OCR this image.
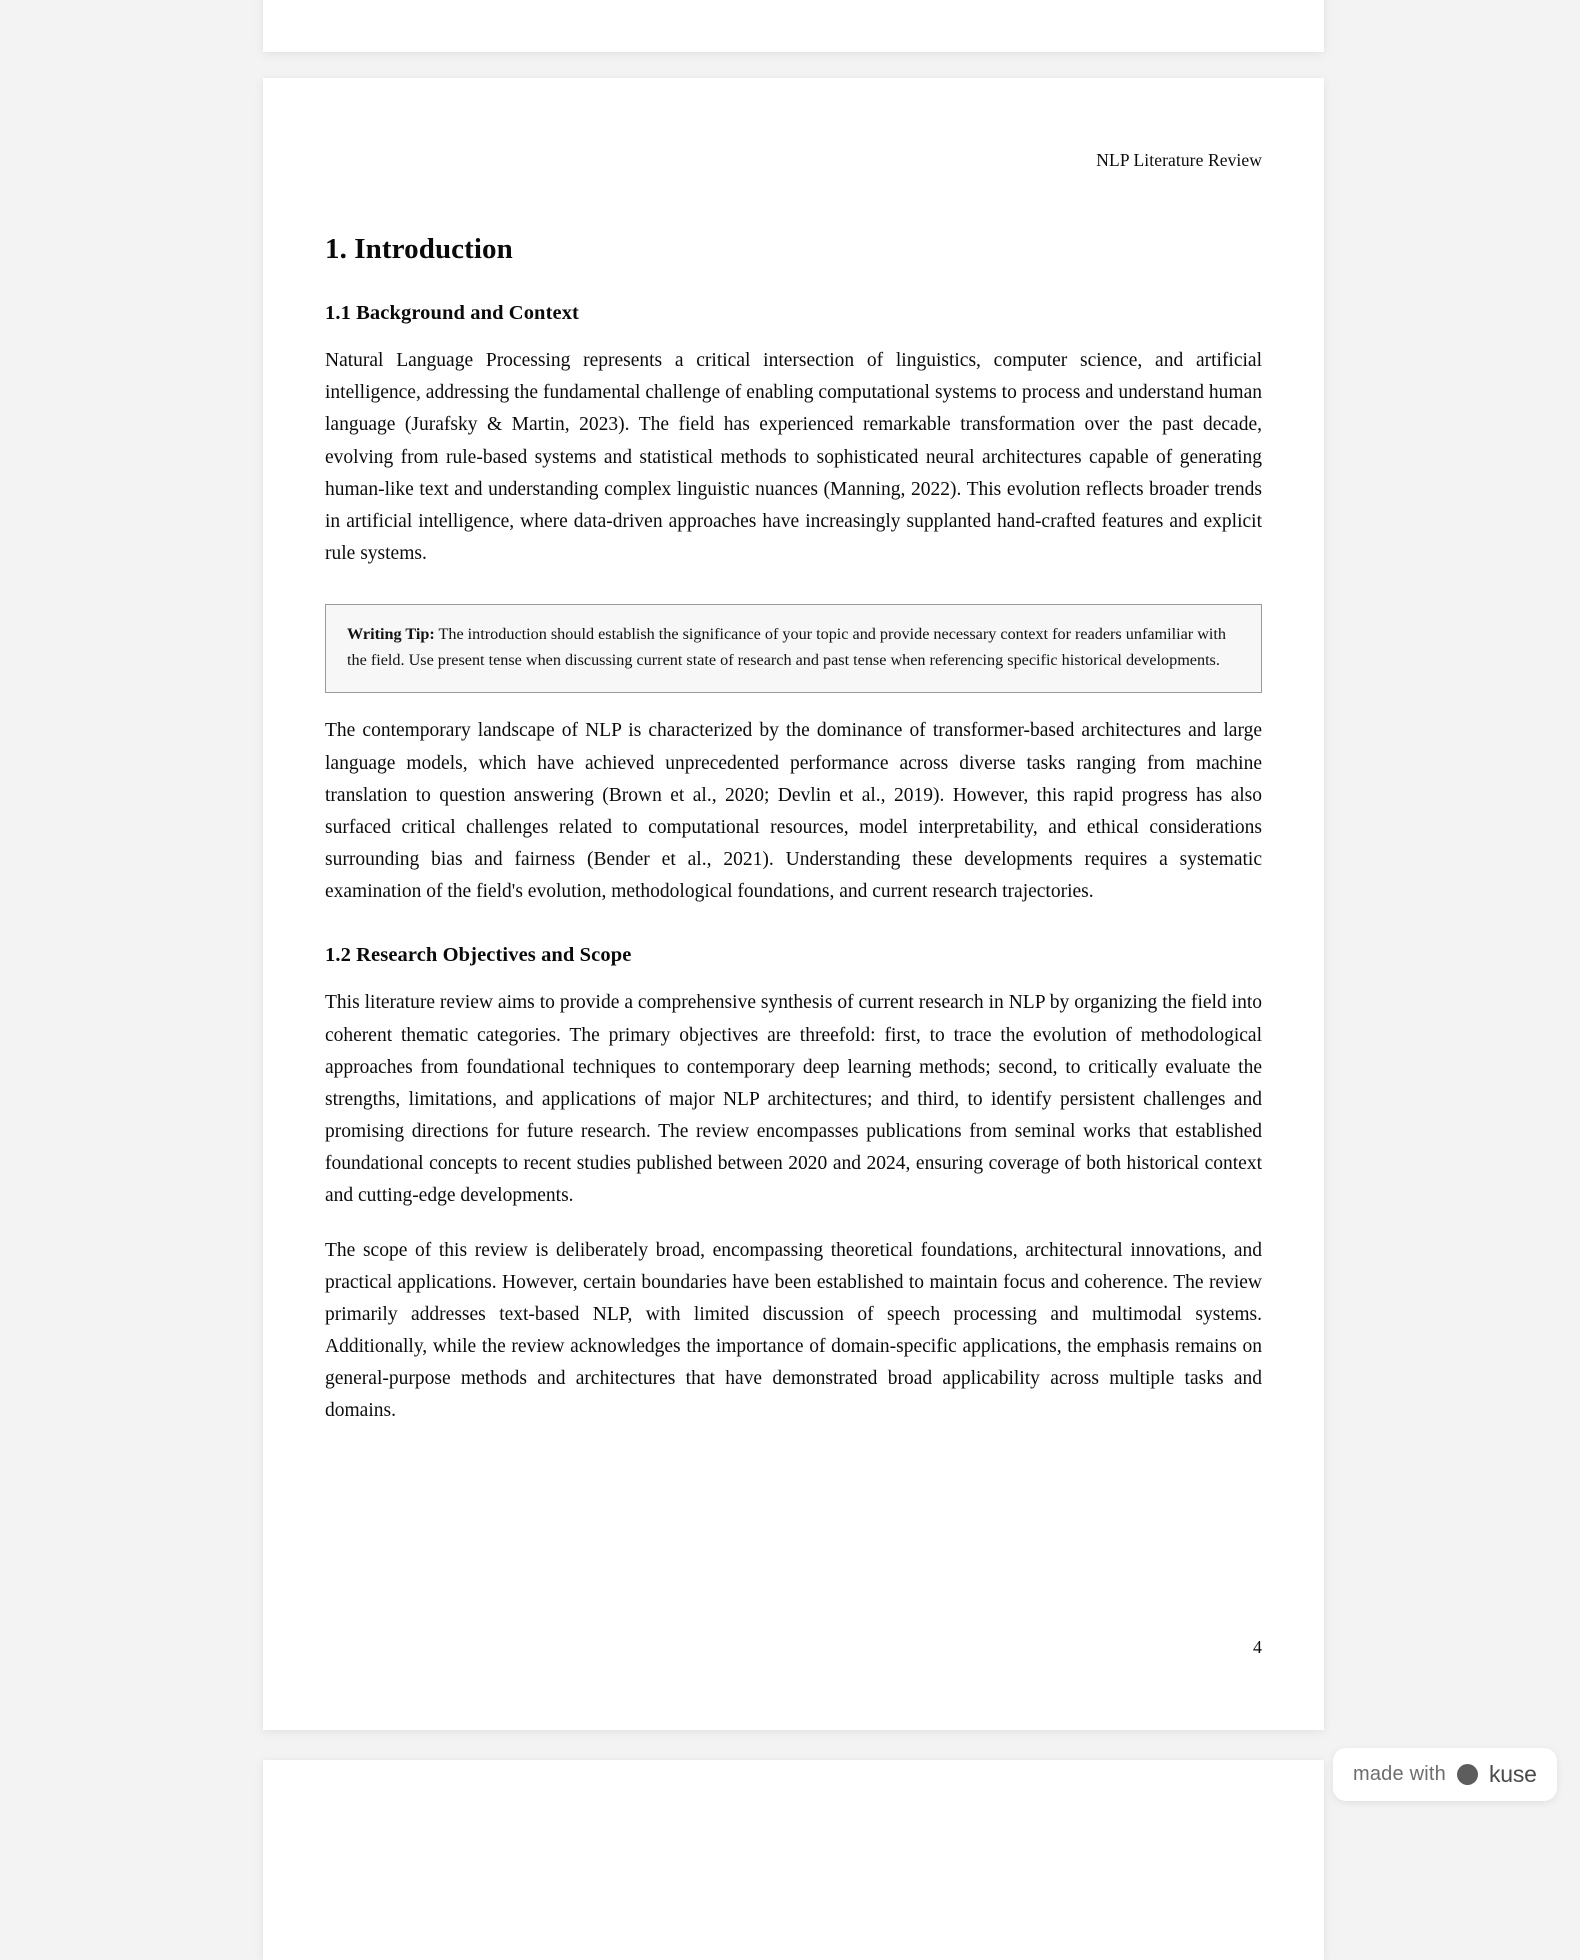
NLP Literature Review
1. Introduction
1.1 Background and Context

Natural Language Processing represents a critical intersection of linguistics, computer science, and artificial intelligence, addressing the fundamental challenge of enabling computational systems to process and understand human language (Jurafsky & Martin, 2023). The field has experienced remarkable transformation over the past decade, evolving from rule-based systems and statistical methods to sophisticated neural architectures capable of generating human-like text and understanding complex linguistic nuances (Manning, 2022). This evolution reflects broader trends in artificial intelligence, where data-driven approaches have increasingly supplanted hand-crafted features and explicit rule systems.

Writing Tip: The introduction should establish the significance of your topic and provide necessary context for readers unfamiliar with the field. Use present tense when discussing current state of research and past tense when referencing specific historical developments.

The contemporary landscape of NLP is characterized by the dominance of transformer-based architectures and large language models, which have achieved unprecedented performance across diverse tasks ranging from machine translation to question answering (Brown et al., 2020; Devlin et al., 2019). However, this rapid progress has also surfaced critical challenges related to computational resources, model interpretability, and ethical considerations surrounding bias and fairness (Bender et al., 2021). Understanding these developments requires a systematic examination of the field's evolution, methodological foundations, and current research trajectories.

1.2 Research Objectives and Scope

This literature review aims to provide a comprehensive synthesis of current research in NLP by organizing the field into coherent thematic categories. The primary objectives are threefold: first, to trace the evolution of methodological approaches from foundational techniques to contemporary deep learning methods; second, to critically evaluate the strengths, limitations, and applications of major NLP architectures; and third, to identify persistent challenges and promising directions for future research. The review encompasses publications from seminal works that established foundational concepts to recent studies published between 2020 and 2024, ensuring coverage of both historical context and cutting-edge developments.

The scope of this review is deliberately broad, encompassing theoretical foundations, architectural innovations, and practical applications. However, certain boundaries have been established to maintain focus and coherence. The review primarily addresses text-based NLP, with limited discussion of speech processing and multimodal systems. Additionally, while the review acknowledges the importance of domain-specific applications, the emphasis remains on general-purpose methods and architectures that have demonstrated broad applicability across multiple tasks and domains.

4
made with kuse
